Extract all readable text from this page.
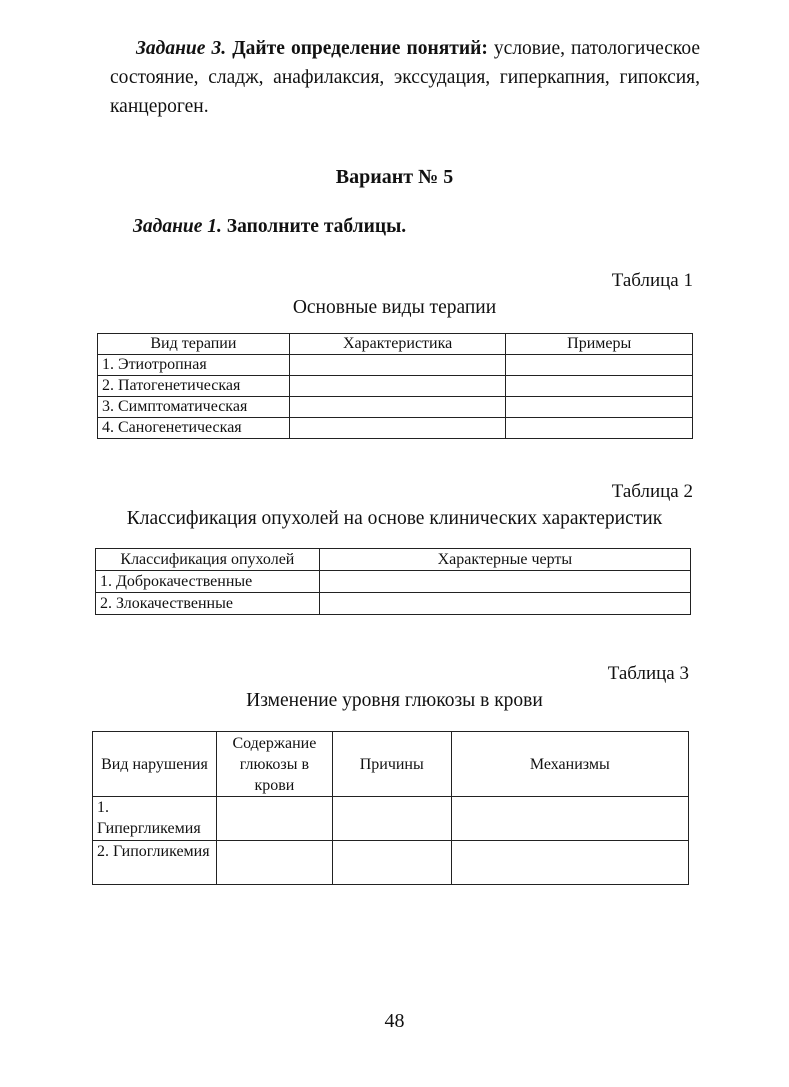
Задание 3. Дайте определение понятий: условие, патологическое состояние, сладж, анафилаксия, экссудация, гиперкапния, гипоксия, канцероген.
Вариант № 5
Задание 1. Заполните таблицы.
Таблица 1
Основные виды терапии
Вид терапии	Характеристика	Примеры
1. Этиотропная		
2. Патогенетическая		
3. Симптоматическая		
4. Саногенетическая		
Таблица 2
Классификация опухолей на основе клинических характеристик
Классификация опухолей	Характерные черты
1. Доброкачественные	
2. Злокачественные	
Таблица 3
Изменение уровня глюкозы в крови
Вид нарушения	Содержание глюкозы в крови	Причины	Механизмы
1. Гипергликемия			
2. Гипогликемия			
48
